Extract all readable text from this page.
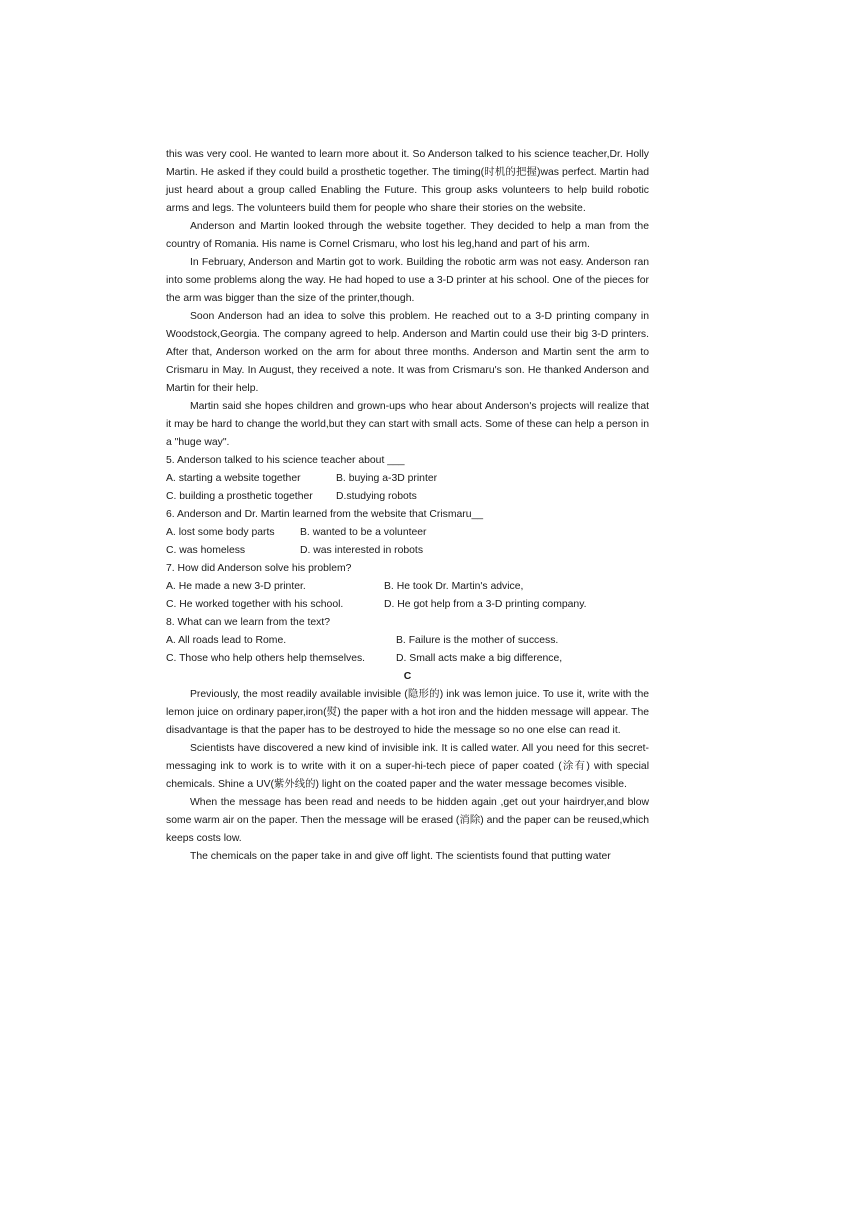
this was very cool. He wanted to learn more about it. So Anderson talked to his science teacher,Dr. Holly Martin. He asked if they could build a prosthetic together. The timing(时机的把握)was perfect. Martin had just heard about a group called Enabling the Future. This group asks volunteers to help build robotic arms and legs. The volunteers build them for people who share their stories on the website.

Anderson and Martin looked through the website together. They decided to help a man from the country of Romania. His name is Cornel Crismaru, who lost his leg,hand and part of his arm.

In February, Anderson and Martin got to work. Building the robotic arm was not easy. Anderson ran into some problems along the way. He had hoped to use a 3-D printer at his school. One of the pieces for the arm was bigger than the size of the printer,though.

Soon Anderson had an idea to solve this problem. He reached out to a 3-D printing company in Woodstock,Georgia. The company agreed to help. Anderson and Martin could use their big 3-D printers. After that, Anderson worked on the arm for about three months. Anderson and Martin sent the arm to Crismaru in May. In August, they received a note. It was from Crismaru's son. He thanked Anderson and Martin for their help.

Martin said she hopes children and grown-ups who hear about Anderson's projects will realize that it may be hard to change the world,but they can start with small acts. Some of these can help a person in a "huge way".

5. Anderson talked to his science teacher about ___

A. starting a website together	B. buying a-3D printer
C. building a prosthetic together D.studying robots

6. Anderson and Dr. Martin learned from the website that Crismaru__

A. lost some body parts B. wanted to be a volunteer
C. was homeless	D. was interested in robots

7. How did Anderson solve his problem?

A. He made a new 3-D printer.	B. He took Dr. Martin's advice,
C. He worked together with his school.	D. He got help from a 3-D printing company.

8. What can we learn from the text?

A. All roads lead to Rome.	B. Failure is the mother of success.
C. Those who help others help themselves.	D. Small acts make a big difference,

C

Previously, the most readily available invisible (隐形的) ink was lemon juice. To use it, write with the lemon juice on ordinary paper,iron(熨) the paper with a hot iron and the hidden message will appear. The disadvantage is that the paper has to be destroyed to hide the message so no one else can read it.

Scientists have discovered a new kind of invisible ink. It is called water. All you need for this secret-messaging ink to work is to write with it on a super-hi-tech piece of paper coated (涂有) with special chemicals. Shine a UV(紫外线的) light on the coated paper and the water message becomes visible.

When the message has been read and needs to be hidden again ,get out your hairdryer,and blow some warm air on the paper. Then the message will be erased (消除) and the paper can be reused,which keeps costs low.

The chemicals on the paper take in and give off light. The scientists found that putting water
